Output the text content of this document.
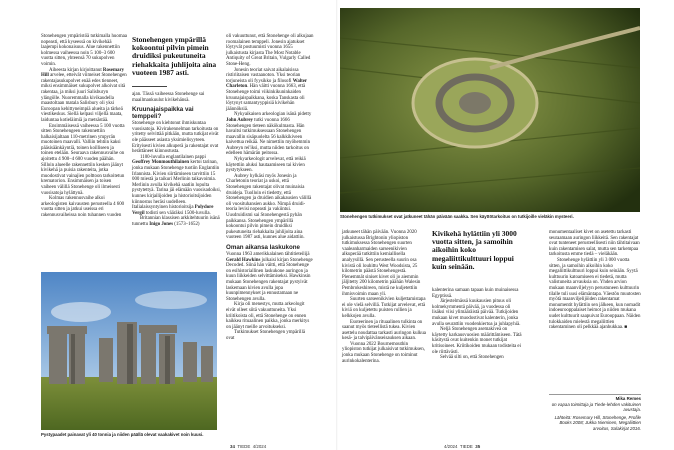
Stonehengen ympäristöä tutkimalla huomaa nopeasti, että kyseessä on kivikehää laajempi kokonaisuus. Alue rakennettiin kolmessa vaiheessa noin 5 100–3 600 vuotta sitten, yhteensä 70 sukupolven voimin.

Aiheesta kirjan kirjoittanut Rosemary Hill arvelee, etteivät viimeiset Stonehengen rakentajasukupolvet enää edes tienneet, miksi ensimmäiset sukupolvet alkoivat sitä rakentaa, ja miksi juuri Salisburyn ylängölle. Nuoremmalla kivikaudella maastoltaan matala Salisbury oli yksi Euroopan kehittyneimpiä alueita ja tärkeä viestikeskus. Siellä kelpasi viljellä maata, laiduntaa kotieläimiä ja metsästää.

Ensimmäisessä vaiheessa 5 100 vuotta sitten Stonehengeen rakennettiin halkaisijaltaan 110-metrinen ympyrän muotoinen maavalli. Valliin tehtiin kaksi pääsisäänkäyntiä, toinen koilliseen ja toinen etelään. Seuraava rakennusvaihe on ajoitettu 4 900–4 600 vuoden päähän. Silloin alueelle rakennettiin kesken jäänyt kivikehä ja puisia rakenteita, jotka muodostivat vainajien polttoon tarkoitetun krematorion. Ensimmäisen ja toisen vaiheen välillä Stonehenge oli ilmeisesti vuosisatoja hylättynä.

Kolmas rakennusvaihe alkoi arkeologisten kaivausten perusteella 4 600 vuotta sitten ja jatkui useissa eri rakennusvaiheissa noin tuhannen vuoden

Stonehengen ympärillä kokoontui pilvin pimein druidiksi pukeutuneita riehakkaita juhlijoita aina vuoteen 1987 asti.

ajan. Tässä vaiheessa Stonehenge sai maailmankuulut kivikehänsä.

Kruunajaispaikka vai temppeli?

Stonehenge on kiehtonut ihmiskuntaa vuosisatoja. Kivirakennelman tarkoitusta on yritetty selvittää pitkään, mutta tutkijat eivät ole päässeet asiasta yksimielisyyteen. Erityisesti kivien alkuperä ja rakentajat ovat herättäneet kiinnostusta.

1100-luvulla englantilainen pappi Geoffrey Monmouthilainen kertoi tarinan, jonka mukaan Stonehenge tuotiin Englantiin Irlannista. Kivien siirtämiseen tarvittiin 15 000 miestä ja taikuri Merlinin taikavoimia. Merlinin avulla kivikehä saatiin lopulta pystytettyä. Tarina jäi elämään vuosisadoiksi, kunnes kirjailijoiden ja historioitsijoiden kiinnostus heräsi uudelleen. Italialaissyntyinen historioitsija Polydore Vergil todisti sen vääräksi 1500-luvulla.

Britannian klassisen arkkitehtuurin isänä tunnettu Inigo Jones (1573–1652)

oli vakuuttunut, että Stonehenge oli alkujaan roomalainen temppeli. Jonesin ajatukset löytyvät postuumisti vuonna 1655 julkaistusta kirjasta The Most Notable Antiquity of Great Britain, Vulgarly Called Stone-Heng.

Jonesin teoriat saivat aikalaisissa ristiriitaisen vastaanoton. Yksi teorian torjuneista oli fyysikko ja filosofi Walter Charleton. Hän väitti vuonna 1663, että Stonehenge toimi viikinkikuninkaiden kruunajaispaikkana, koska Tanskasta oli löytynyt samantyyppisiä kivikehän jäännöksiä.

Nykyaikaisen arkeologian isänä pidetty John Aubrey tutki vuonna 1666 Stonehengen tieteen näkökulmasta. Hän havaitsi tutkimuksessaan Stonehengen maavallin sisäpuolelta 56 kalkkikiveen kaivettua reikää. Ne nimettiin myöhemmin Aubreyn rei'iksi, mutta niiden tarkoitus on edelleen hämärän peitossa.

Nykyarkeologit arvelevat, että reikiä käytettiin aluksi hautaamiseen tai kivien pystytykseen.

Aubrey hylkäsi myös Jonesin ja Charletonin teoriat ja uskoi, että Stonehengen rakentajat olivat muinaisia druideja. Tuolloin ei tiedetty, että Stonehengen ja druidien aikakausien välillä oli vuosituhansien aukko. Nimpä druidi-teoria levisi nopeasti ja vakiintui. Uusdruidismi sai Stonehengestä pyhän paikkansa. Stonehengen ympärillä kokoontui pilvin pimein druidiksi pukeutuneita riehakkaita juhlijoita aina vuoteen 1987 asti, kunnes alue aidattiin.

Oman aikansa laskukone

Vuonna 1963 amerikkalainen tähtitieteilijä Gerald Hawkins julkaisi kirjan Stonehenge Decoded. Siinä hän väitti, että Stonehenge on esihistoriallinen laskukone auringon ja kuun liikkeiden selvittämiseksi. Hawkinsin mukaan Stonehengen rakentajat pystyivät laskemaan kivien avulla jopa kuunpimennykset ja ennustamaan ne Stonehengen avulla.

Kirja oli menestys, mutta arkeologit eivät olleet siitä vakuuttuneita. Yksi kriitikoista oli, että Stonehenge on ennen kaikkea rituaalinen paikka, jonka merkitys on jäänyt meille arvoitukseksi.

Tutkimukset Stonehengen ympärillä ovat

Pystypaadet painavat yli 40 tonnia ja niiden päällä olevat vaakakivet noin kuusi.
34 TIEDE 4/2024
Stonehengen tutkimukset ovat jatkuneet tähän päivään saakka. Sen käyttötarkoitus on tutkijoille vieläkin mysteeri.

jatkuneet tähän päivään. Vuonna 2020 julkaistussa Brightonin yliopiston tutkimuksessa Stonehengen suurten vaaleanharmaiden sarseenikivien alkuperää tutkittiin kemiallisella analyysillä. Sen perusteella suurin osa kivistä oli louhittu West Woodsista, 25 kilometrin päästä Stonehengestä. Pienemmät siniset kivet oli jo aiemmin jäljitetty 200 kilometrin päähän Walesin Pembrokeshireen, mistä ne kuljetettiin ihmisvoimin maan yli.

Suurten sarseenikivien kuljettamistapa ei ole vielä selvillä. Tutkijat arvelevat, että kiviä on kuljetettu puisten rullien ja kelkkojen avulla.

Esoteerinen ja rituaalinen tulkinta on saanut myös tieteellistä tukea. Kivien asettelu noudattaa tarkasti auringon kulkua kesä- ja talvipäivänseisauksen aikaan.

Vuonna 2022 Bournemouthin yliopiston tutkijat julkaisivat tutkimuksen, jonka mukaan Stonehenge on toiminut aurinkokalenterina.

Kivikehä hylättiin yli 3000 vuotta sitten, ja samoihin aikoihin koko megaliittikulttuuri loppui kuin seinään.

kalenterina samaan tapaan kuin muinaisessa Egyptissä.

Järjestelmässä kuukausien pituus oli kolmekymmentä päivää, ja vuodessa oli lisäksi viisi ylimääräistä päivää. Tutkijoiden mukaan kivet muodostivat kalenterin, jonka avulla seurattiin vuodenkiertoa ja juhlapyhiä.

Neljä Stonehengen asemakiveä on käytetty karkausvuosien määrittämiseen. Tätä käsitystä ovat kuitenkin monet tutkijat kritisoineet. Kriitikoiden mukaan todisteita ei ole riittävästi.

Selvää silti on, että Stonehengen

monumentaaliset kivet on asetettu tarkasti seuraamaan auringon liikkeitä. Sen rakentajat ovat tunteneet perusteellisesti niin tähtitaivaan kuin rakentamisen salat, mutta sen tarkempaa tarkoitusta emme tiedä – vieläkään.

Stonehenge hylättiin yli 3 000 vuotta sitten, ja samoihin aikoihin koko megaliittikulttuuri loppui kuin seinään. Syytä kulttuurin katoamiseen ei tiedetä, mutta valistuneita arvauksia on. Yhden arvion mukaan maanviljelyyn perustuneen kulttuurin tilalle tuli uusi elämäntapa. Väestön muutosten myötä maanviljelijöiden rakentamat monumentit hylättiin sen jälkeen, kun nomadit indoeurooppalaiset heimot ja niiden mukana uudet kulttuurit saapuivat Eurooppaan. Näiden tulokkaiden mielestä megaliittien rakentaminen oli pelkkää ajanhukkaa. ■

Mika Remes
on vapaa toimittaja ja Tiede-lehden vakituinen avustaja.
Lähteitä: Rosemary Hill, Stonehenge, Profile Books 2008; Jukka Nieminen, Megaliittien arvoitus, Salakirjat 2016.
4/2024 TIEDE 35
